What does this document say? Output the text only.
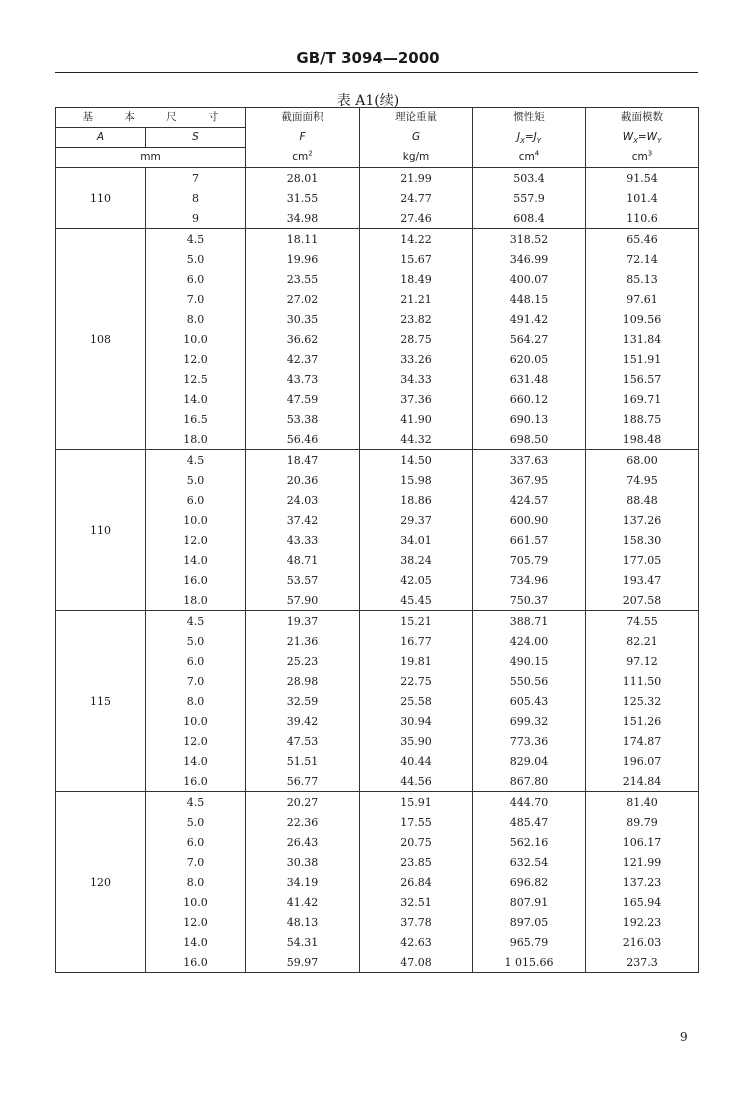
GB/T 3094—2000
表 A1(续)
基 本 尺 寸		截面面积	理论重量	惯性矩	截面模数
A	S	F	G	$J_X=J_Y$	$W_X=W_Y$
mm		$cm^2$	kg/m	$cm^4$	$cm^3$
110	7	28.01	21.99	503.4	91.54
	8	31.55	24.77	557.9	101.4
	9	34.98	27.46	608.4	110.6
108	4.5	18.11	14.22	318.52	65.46
	5.0	19.96	15.67	346.99	72.14
	6.0	23.55	18.49	400.07	85.13
	7.0	27.02	21.21	448.15	97.61
	8.0	30.35	23.82	491.42	109.56
	10.0	36.62	28.75	564.27	131.84
	12.0	42.37	33.26	620.05	151.91
	12.5	43.73	34.33	631.48	156.57
	14.0	47.59	37.36	660.12	169.71
	16.5	53.38	41.90	690.13	188.75
	18.0	56.46	44.32	698.50	198.48
110	4.5	18.47	14.50	337.63	68.00
	5.0	20.36	15.98	367.95	74.95
	6.0	24.03	18.86	424.57	88.48
	10.0	37.42	29.37	600.90	137.26
	12.0	43.33	34.01	661.57	158.30
	14.0	48.71	38.24	705.79	177.05
	16.0	53.57	42.05	734.96	193.47
	18.0	57.90	45.45	750.37	207.58
115	4.5	19.37	15.21	388.71	74.55
	5.0	21.36	16.77	424.00	82.21
	6.0	25.23	19.81	490.15	97.12
	7.0	28.98	22.75	550.56	111.50
	8.0	32.59	25.58	605.43	125.32
	10.0	39.42	30.94	699.32	151.26
	12.0	47.53	35.90	773.36	174.87
	14.0	51.51	40.44	829.04	196.07
	16.0	56.77	44.56	867.80	214.84
120	4.5	20.27	15.91	444.70	81.40
	5.0	22.36	17.55	485.47	89.79
	6.0	26.43	20.75	562.16	106.17
	7.0	30.38	23.85	632.54	121.99
	8.0	34.19	26.84	696.82	137.23
	10.0	41.42	32.51	807.91	165.94
	12.0	48.13	37.78	897.05	192.23
	14.0	54.31	42.63	965.79	216.03
	16.0	59.97	47.08	1 015.66	237.3
9
